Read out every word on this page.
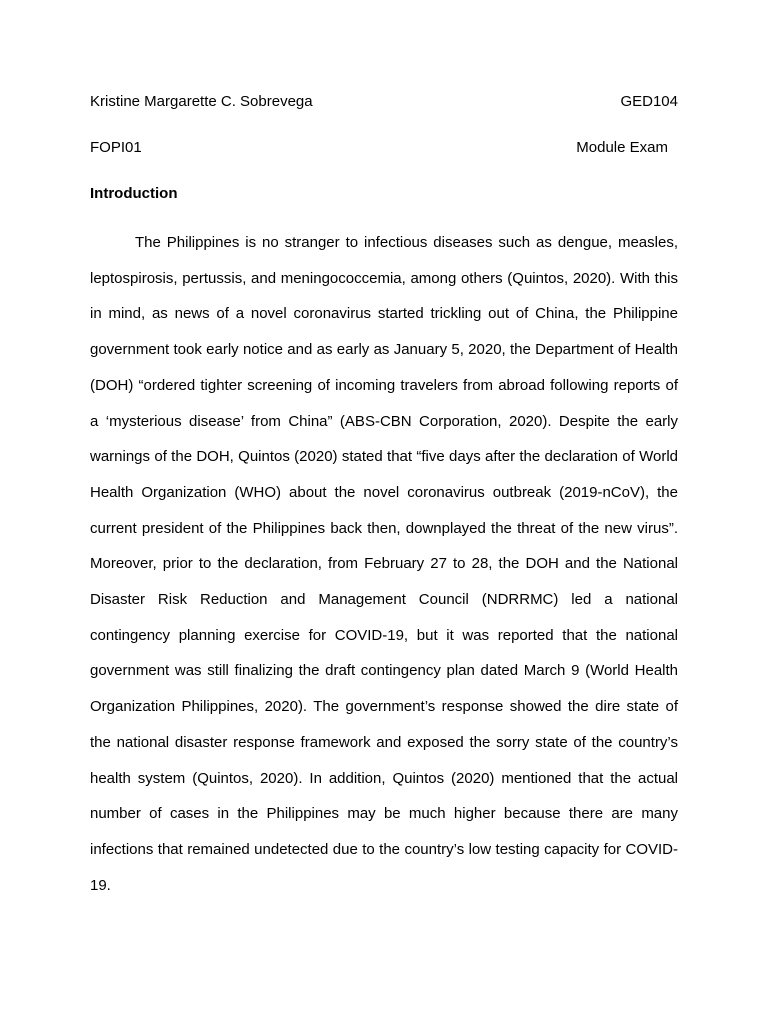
Kristine Margarette C. Sobrevega	GED104
FOPI01	Module Exam
Introduction

The Philippines is no stranger to infectious diseases such as dengue, measles, leptospirosis, pertussis, and meningococcemia, among others (Quintos, 2020). With this in mind, as news of a novel coronavirus started trickling out of China, the Philippine government took early notice and as early as January 5, 2020, the Department of Health (DOH) “ordered tighter screening of incoming travelers from abroad following reports of a ‘mysterious disease’ from China” (ABS-CBN Corporation, 2020). Despite the early warnings of the DOH, Quintos (2020) stated that “five days after the declaration of World Health Organization (WHO) about the novel coronavirus outbreak (2019-nCoV), the current president of the Philippines back then, downplayed the threat of the new virus”. Moreover, prior to the declaration, from February 27 to 28, the DOH and the National Disaster Risk Reduction and Management Council (NDRRMC) led a national contingency planning exercise for COVID-19, but it was reported that the national government was still finalizing the draft contingency plan dated March 9 (World Health Organization Philippines, 2020). The government’s response showed the dire state of the national disaster response framework and exposed the sorry state of the country’s health system (Quintos, 2020). In addition, Quintos (2020) mentioned that the actual number of cases in the Philippines may be much higher because there are many infections that remained undetected due to the country’s low testing capacity for COVID-19.
